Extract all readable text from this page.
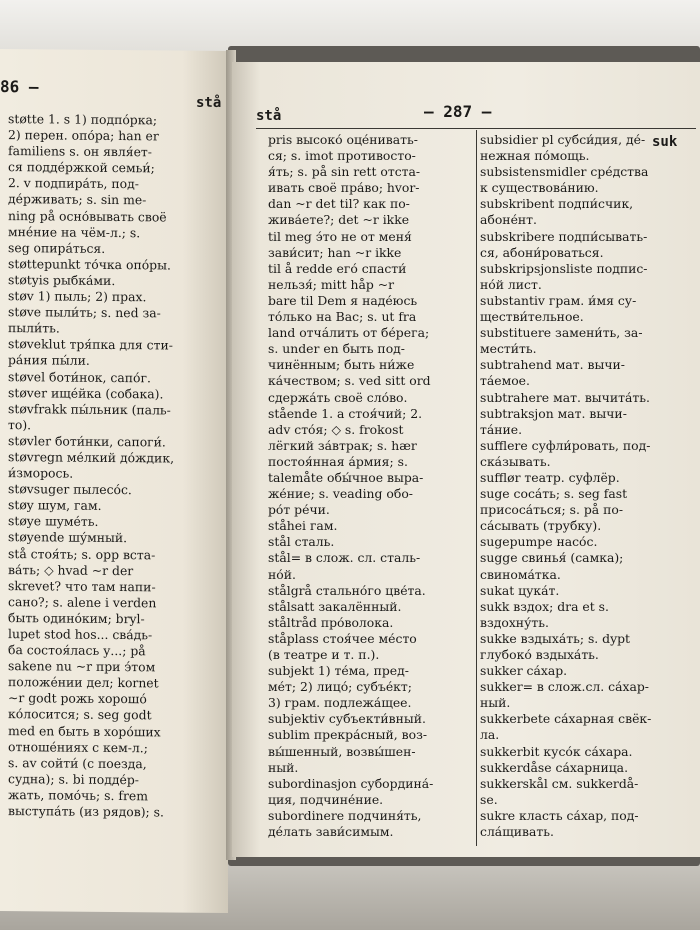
86 —
stå
støtte 1. s 1) подпо́рка;
2) перен. опо́ра; han er
familiens s. он явля́ет-
ся подде́ржкой семьи́;
2. v подпира́ть, под-
де́рживать; s. sin me-
ning på осно́вывать своё
мне́ние на чём-л.; s.
seg опира́ться.
støttepunkt то́чка опо́ры.
støtyis рыбка́ми.
støv 1) пыль; 2) прах.
støve пыли́ть; s. ned за-
пыли́ть.
støveklut тря́пка для сти-
ра́ния пы́ли.
støvel боти́нок, сапо́г.
støver ище́йка (собака).
støvfrakk пы́льник (паль-
то).
støvler боти́нки, сапоги́.
støvregn ме́лкий до́ждик,
и́зморось.
støvsuger пылесо́с.
støy шум, гам.
støye шуме́ть.
støyende шу́мный.
stå стоя́ть; s. opp вста-
ва́ть; ◇ hvad ~r der
skrevet? что там напи-
сано?; s. alene i verden
быть одино́ким; bryl-
lupet stod hos... сва́дь-
ба состоя́лась у...; på
sakene nu ~r при э́том
положе́нии дел; kornet
~r godt рожь хорошо́
ко́лосится; s. seg godt
med en быть в хоро́ших
отноше́ниях с кем-л.;
s. av сойти́ (с поезда,
судна); s. bi подде́р-
жать, помо́чь; s. frem
выступа́ть (из рядов); s.
stå	— 287 —
suk
pris высоко́ оце́нивать-
ся; s. imot противосто-
я́ть; s. på sin rett отста-
ивать своё пра́во; hvor-
dan ~r det til? как по-
жива́ете?; det ~r ikke
til meg э́то не от меня́
зави́сит; han ~r ikke
til å redde его́ спасти́
нельзя́; mitt håp ~r
bare til Dem я наде́юсь
то́лько на Вас; s. ut fra
land отчáлить от бе́рега;
s. under en быть под-
чинённым; быть ни́же
ка́чеством; s. ved sitt ord
сдержа́ть своё сло́во.
stående 1. a стоя́чий; 2.
adv сто́я; ◇ s. frokost
лёгкий за́втрак; s. hær
постоя́нная а́рмия; s.
talemåte обы́чное выра-
же́ние; s. veading обо-
ро́т ре́чи.
ståhei гам.
stål сталь.
stål= в слож. сл. сталь-
но́й.
stålgrå стально́го цве́та.
stålsatt закалённый.
ståltråd про́волока.
ståplass стоя́чее ме́сто
(в театре и т. п.).
subjekt 1) те́ма, пред-
ме́т; 2) лицо́; субъе́кт;
3) грам. подлежа́щее.
subjektiv субъекти́вный.
sublim прекра́сный, воз-
вы́шенный, возвы́шен-
ный.
subordinasjon субордина́-
ция, подчине́ние.
subordinere подчиня́ть,
де́лать зави́симым.
subsidier pl субси́дия, де́-
нежная по́мощь.
subsistensmidler сре́дства
к существова́нию.
subskribent подпи́счик,
абоне́нт.
subskribere подпи́сывать-
ся, абони́роваться.
subskripsjonsliste подпис-
но́й лист.
substantiv грам. и́мя су-
ществи́тельное.
substituere замени́ть, за-
мести́ть.
subtrahend мат. вычи-
та́емое.
subtrahere мат. вычита́ть.
subtraksjon мат. вычи-
та́ние.
sufflere суфли́ровать, под-
ска́зывать.
sufflør театр. суфлёр.
suge соса́ть; s. seg fast
присоса́ться; s. på по-
са́сывать (трубку).
sugepumpe насо́с.
sugge свинья́ (самка);
свинома́тка.
sukat цука́т.
sukk вздох; dra et s.
вздохну́ть.
sukke вздыха́ть; s. dypt
глубоко́ вздыха́ть.
sukker са́хар.
sukker= в слож.сл. са́хар-
ный.
sukkerbete са́харная свёк-
ла.
sukkerbit кусо́к са́хара.
sukkerdåse са́харница.
sukkerskål см. sukkerdå-
se.
sukre класть са́хар, под-
сла́щивать.
